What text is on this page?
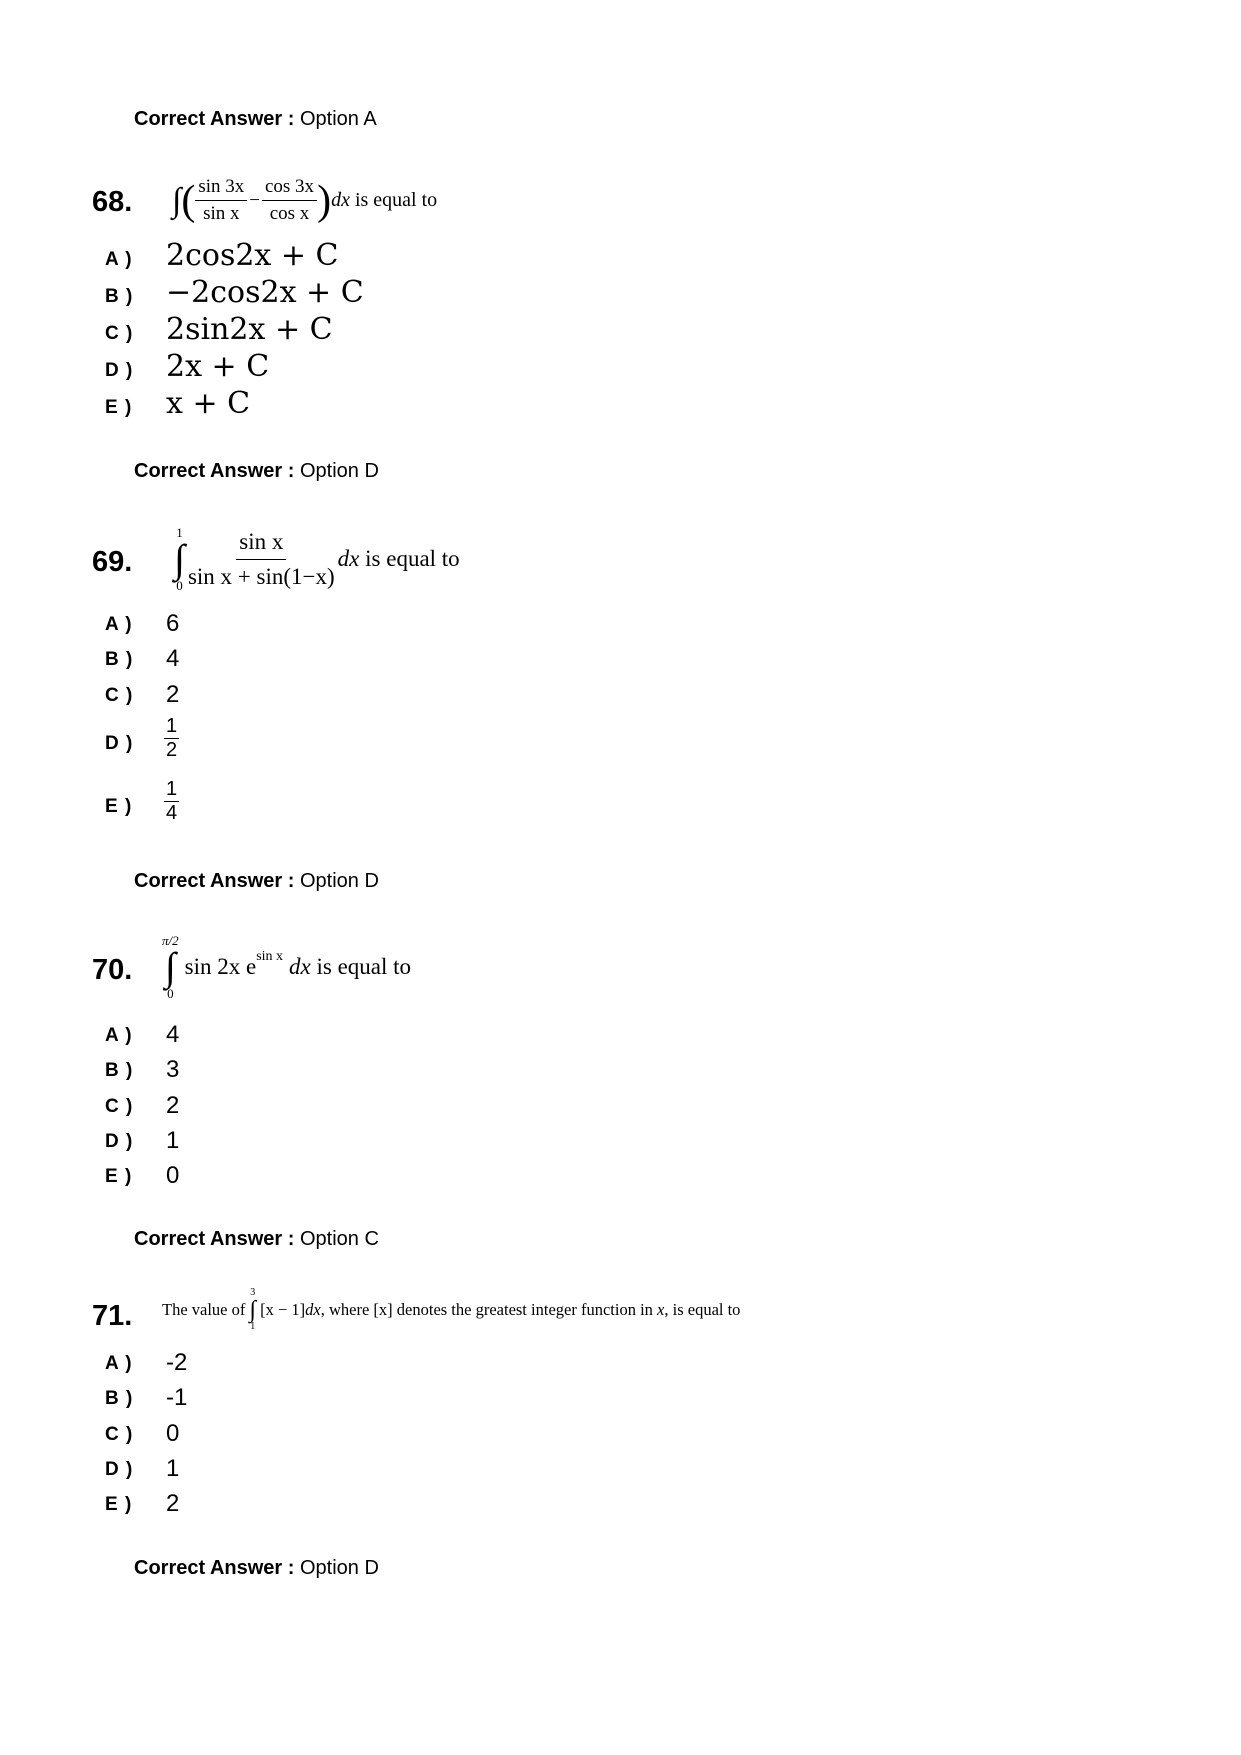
Correct Answer : Option A
68. ∫ ( $\frac{\sin 3x}{\text{sin x}} - \frac{\cos 3x}{\text{cos x}}$ ) dx is equal to
A ) 2cos2x + C
B ) −2cos2x + C
C ) 2sin2x + C
D ) 2x + C
E ) x + C
Correct Answer : Option D
69.
1
∫
$0 \frac{\text{sin x}}{\text{sin x + sin(1−x)}}$ dx is equal to
A ) 6
B ) 4
C ) 2
D )
1
2
E )
1
4
Correct Answer : Option D
70.
π/2
∫
0
sin 2x e sin x dx is equal to
A ) 4
B ) 3
C ) 2
D ) 1
E ) 0
Correct Answer : Option C
71. The value of
3
∫
1
[x − 1] dx , where [x] denotes the greatest integer function in x , is equal to
A ) -2
B ) -1
C ) 0
D ) 1
E ) 2
Correct Answer : Option D
